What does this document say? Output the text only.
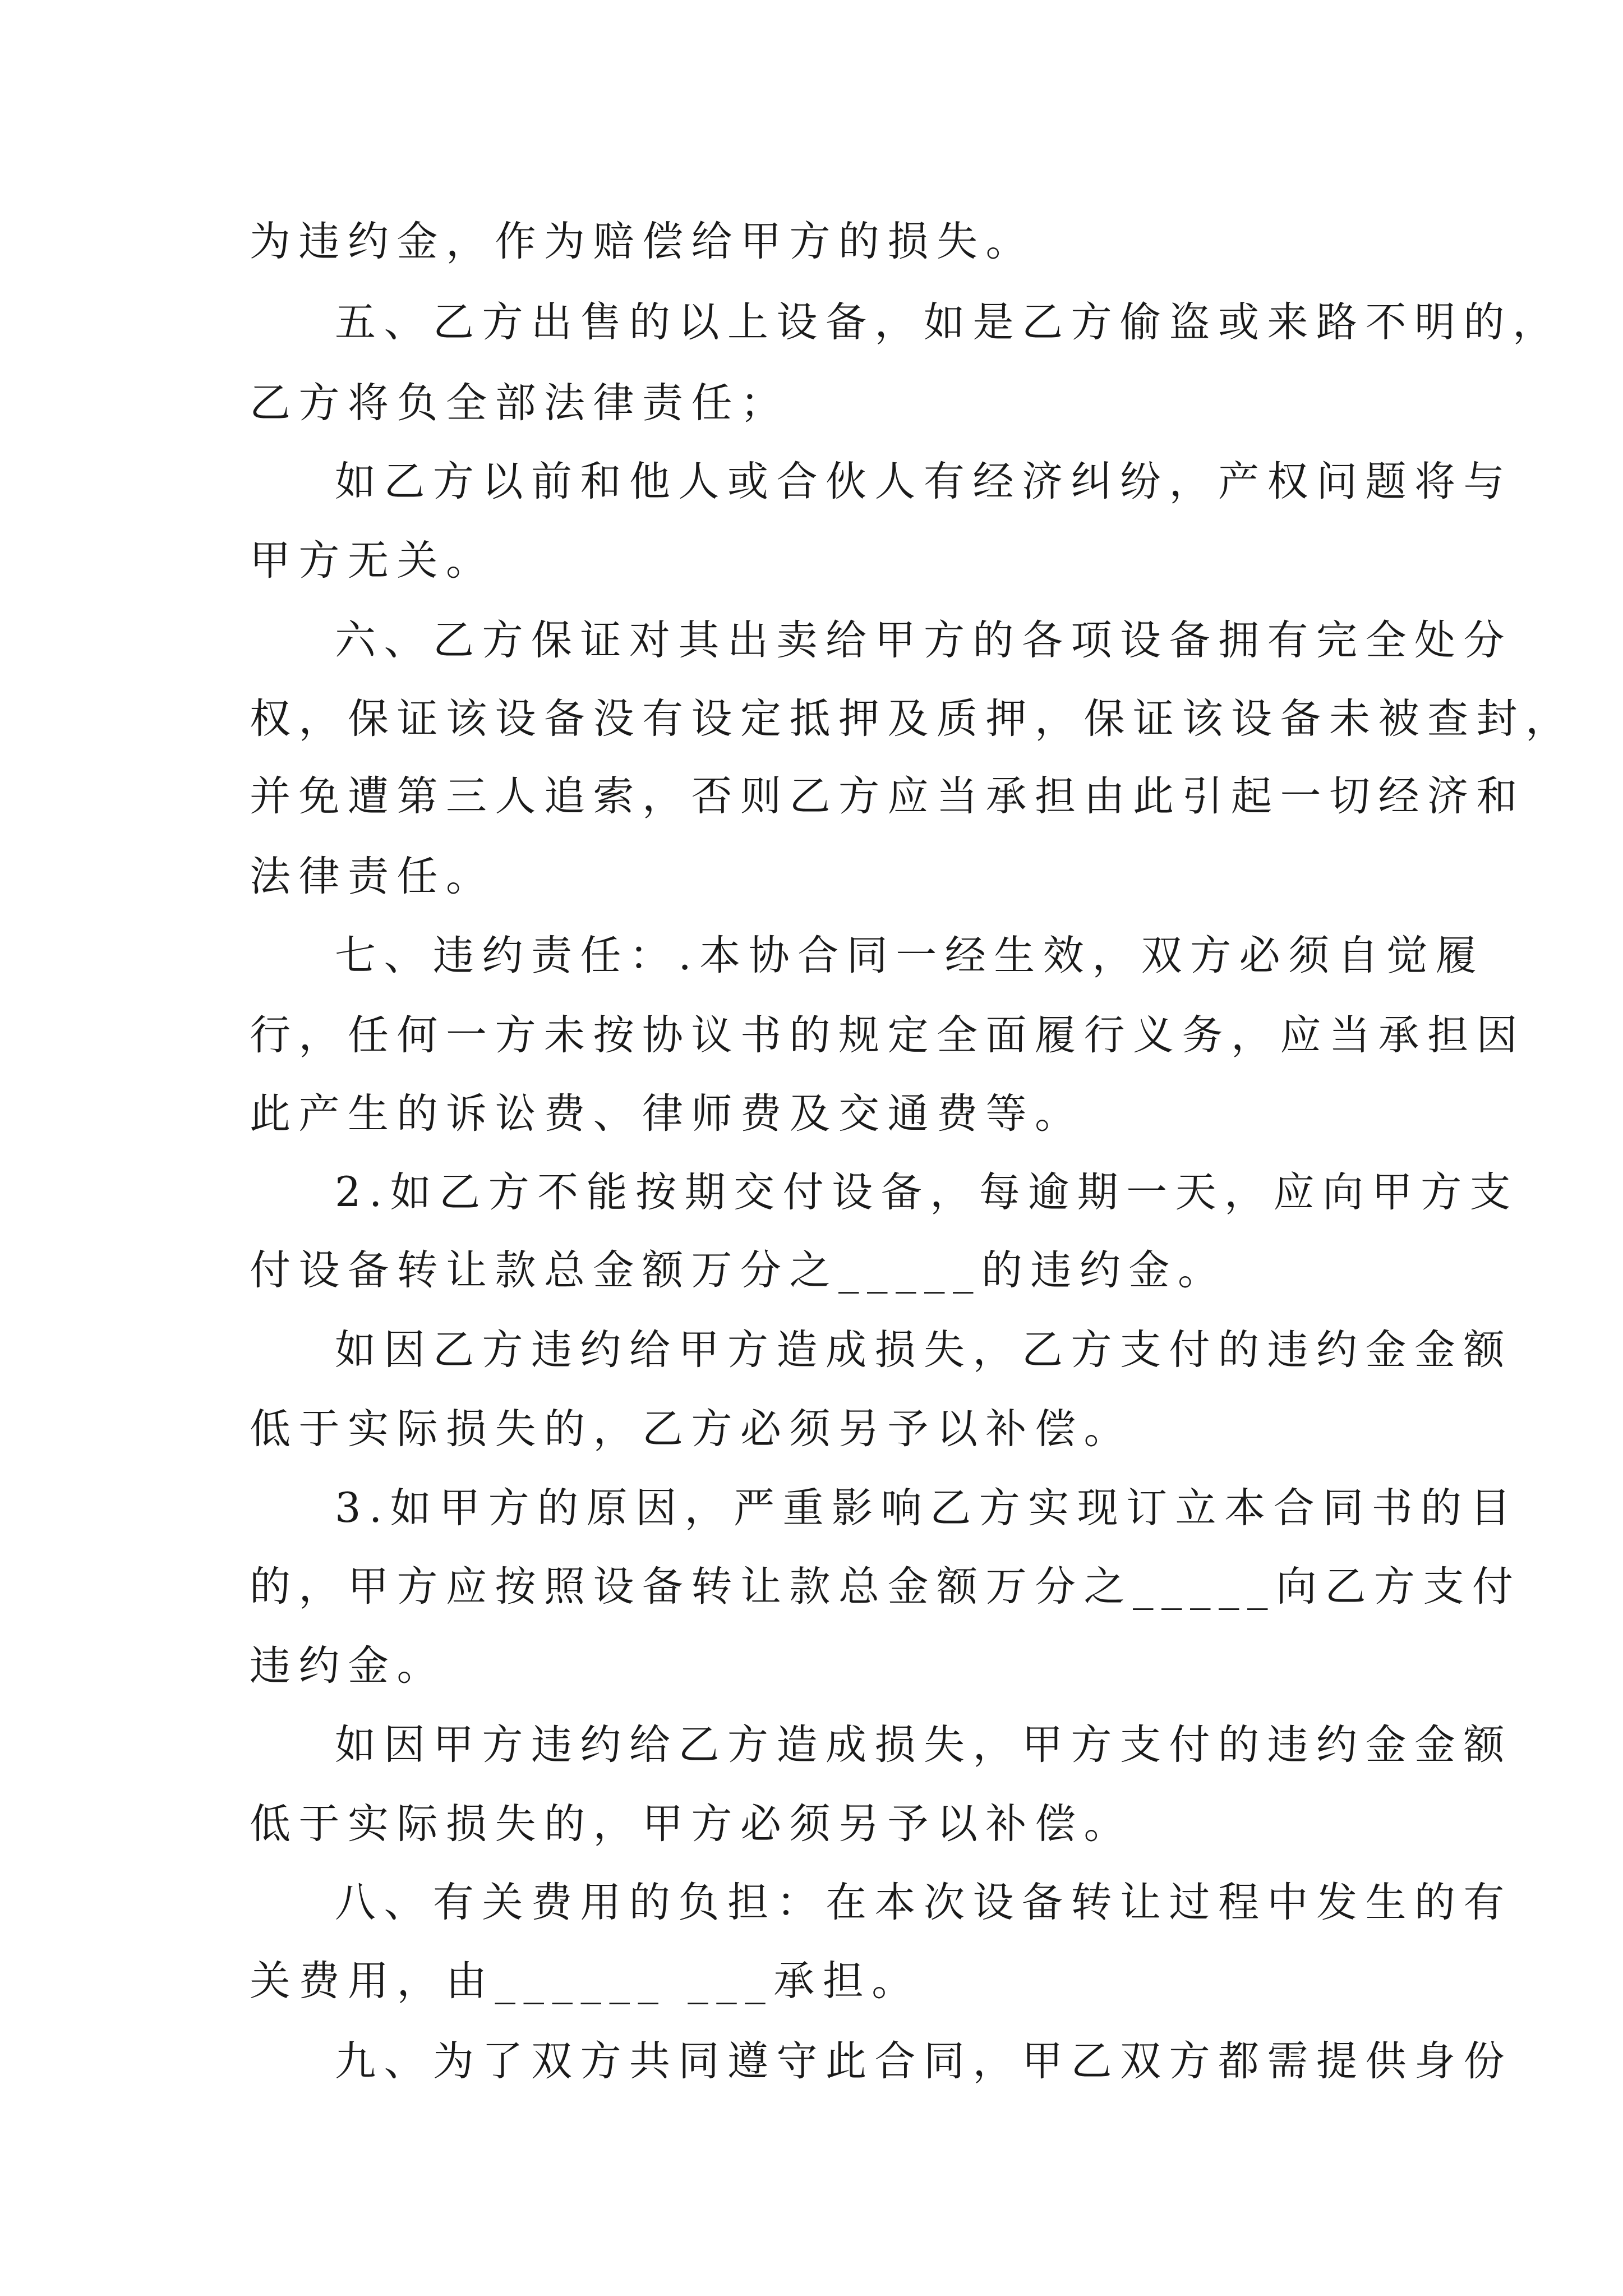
为违约金，作为赔偿给甲方的损失。
五、乙方出售的以上设备，如是乙方偷盗或来路不明的，
乙方将负全部法律责任；
如乙方以前和他人或合伙人有经济纠纷，产权问题将与
甲方无关。
六、乙方保证对其出卖给甲方的各项设备拥有完全处分
权，保证该设备没有设定抵押及质押，保证该设备未被查封，
并免遭第三人追索，否则乙方应当承担由此引起一切经济和
法律责任。
七、违约责任：.本协合同一经生效，双方必须自觉履
行，任何一方未按协议书的规定全面履行义务，应当承担因
此产生的诉讼费、律师费及交通费等。
2.如乙方不能按期交付设备，每逾期一天，应向甲方支
付设备转让款总金额万分之_____的违约金。
如因乙方违约给甲方造成损失，乙方支付的违约金金额
低于实际损失的，乙方必须另予以补偿。
3.如甲方的原因，严重影响乙方实现订立本合同书的目
的，甲方应按照设备转让款总金额万分之_____向乙方支付
违约金。
如因甲方违约给乙方造成损失，甲方支付的违约金金额
低于实际损失的，甲方必须另予以补偿。
八、有关费用的负担：在本次设备转让过程中发生的有
关费用，由______ ___承担。
九、为了双方共同遵守此合同，甲乙双方都需提供身份
